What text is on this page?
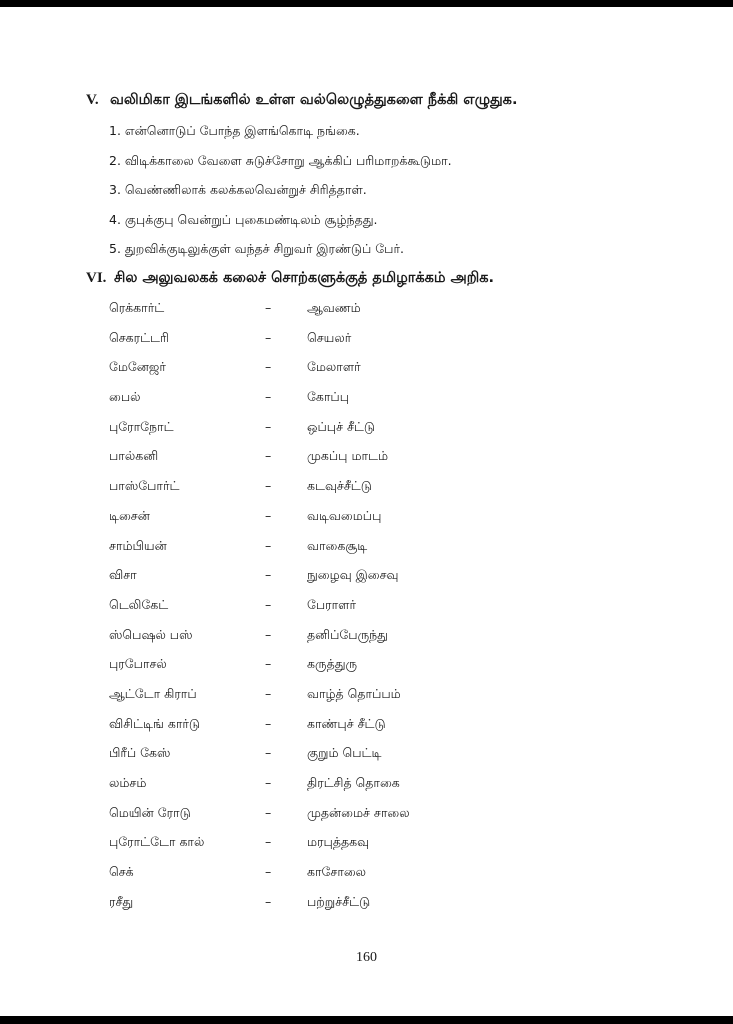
V. வலிமிகா இடங்களில் உள்ள வல்லெழுத்துகளை நீக்கி எழுதுக.
1. என்னொடுப் போந்த இளங்கொடி நங்கை.
2. விடிக்காலை வேளை சுடுச்சோறு ஆக்கிப் பரிமாறக்கூடுமா.
3. வெண்ணிலாக் கலக்கலவென்றுச் சிரித்தாள்.
4. குபுக்குபு வென்றுப் புகைமண்டிலம் சூழ்ந்தது.
5. துறவிக்குடிலுக்குள் வந்தச் சிறுவர் இரண்டுப் பேர்.
VI. சில அலுவலகக் கலைச் சொற்களுக்குத் தமிழாக்கம் அறிக.
ரெக்கார்ட்	–	ஆவணம்
செகரட்டரி	–	செயலர்
மேனேஜர்	–	மேலாளர்
பைல்	–	கோப்பு
புரோநோட்	–	ஒப்புச் சீட்டு
பால்கனி	–	முகப்பு மாடம்
பாஸ்போர்ட்	–	கடவுச்சீட்டு
டிசைன்	–	வடிவமைப்பு
சாம்பியன்	–	வாகைசூடி
விசா	–	நுழைவு இசைவு
டெலிகேட்	–	பேராளர்
ஸ்பெஷல் பஸ்	–	தனிப்பேருந்து
புரபோசல்	–	கருத்துரு
ஆட்டோ கிராப்	–	வாழ்த் தொப்பம்
விசிட்டிங் கார்டு	–	காண்புச் சீட்டு
பிரீப் கேஸ்	–	குறும் பெட்டி
லம்சம்	–	திரட்சித் தொகை
மெயின் ரோடு	–	முதன்மைச் சாலை
புரோட்டோ கால்	–	மரபுத்தகவு
செக்	–	காசோலை
ரசீது	–	பற்றுச்சீட்டு
160
